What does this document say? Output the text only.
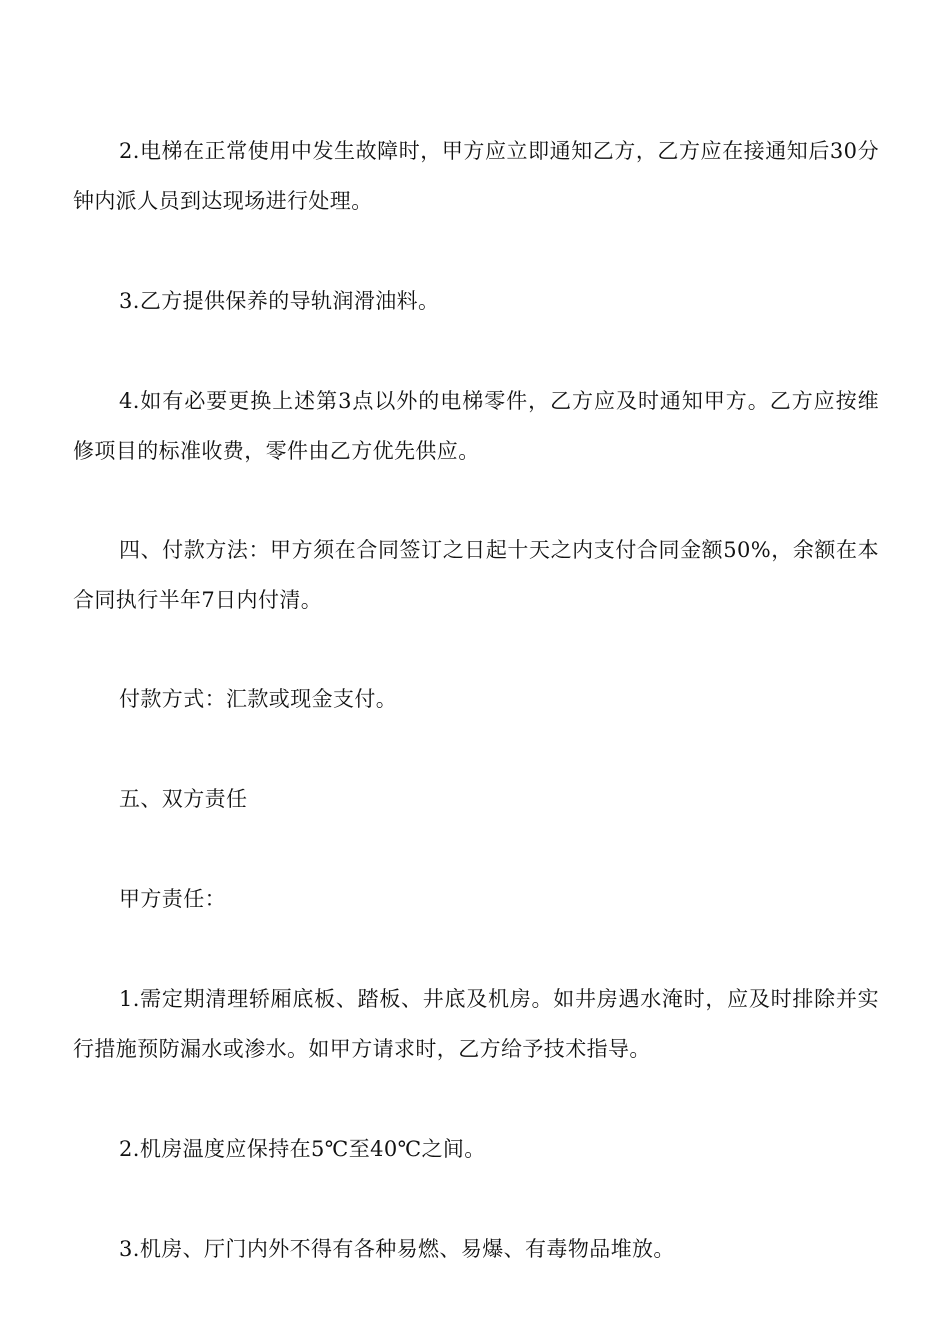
2.电梯在正常使用中发生故障时，甲方应立即通知乙方，乙方应在接通知后30分钟内派人员到达现场进行处理。

3.乙方提供保养的导轨润滑油料。

4.如有必要更换上述第3点以外的电梯零件，乙方应及时通知甲方。乙方应按维修项目的标准收费，零件由乙方优先供应。

四、付款方法：甲方须在合同签订之日起十天之内支付合同金额50%，余额在本合同执行半年7日内付清。

付款方式：汇款或现金支付。

五、双方责任

甲方责任：

1.需定期清理轿厢底板、踏板、井底及机房。如井房遇水淹时，应及时排除并实行措施预防漏水或渗水。如甲方请求时，乙方给予技术指导。

2.机房温度应保持在5℃至40℃之间。

3.机房、厅门内外不得有各种易燃、易爆、有毒物品堆放。
